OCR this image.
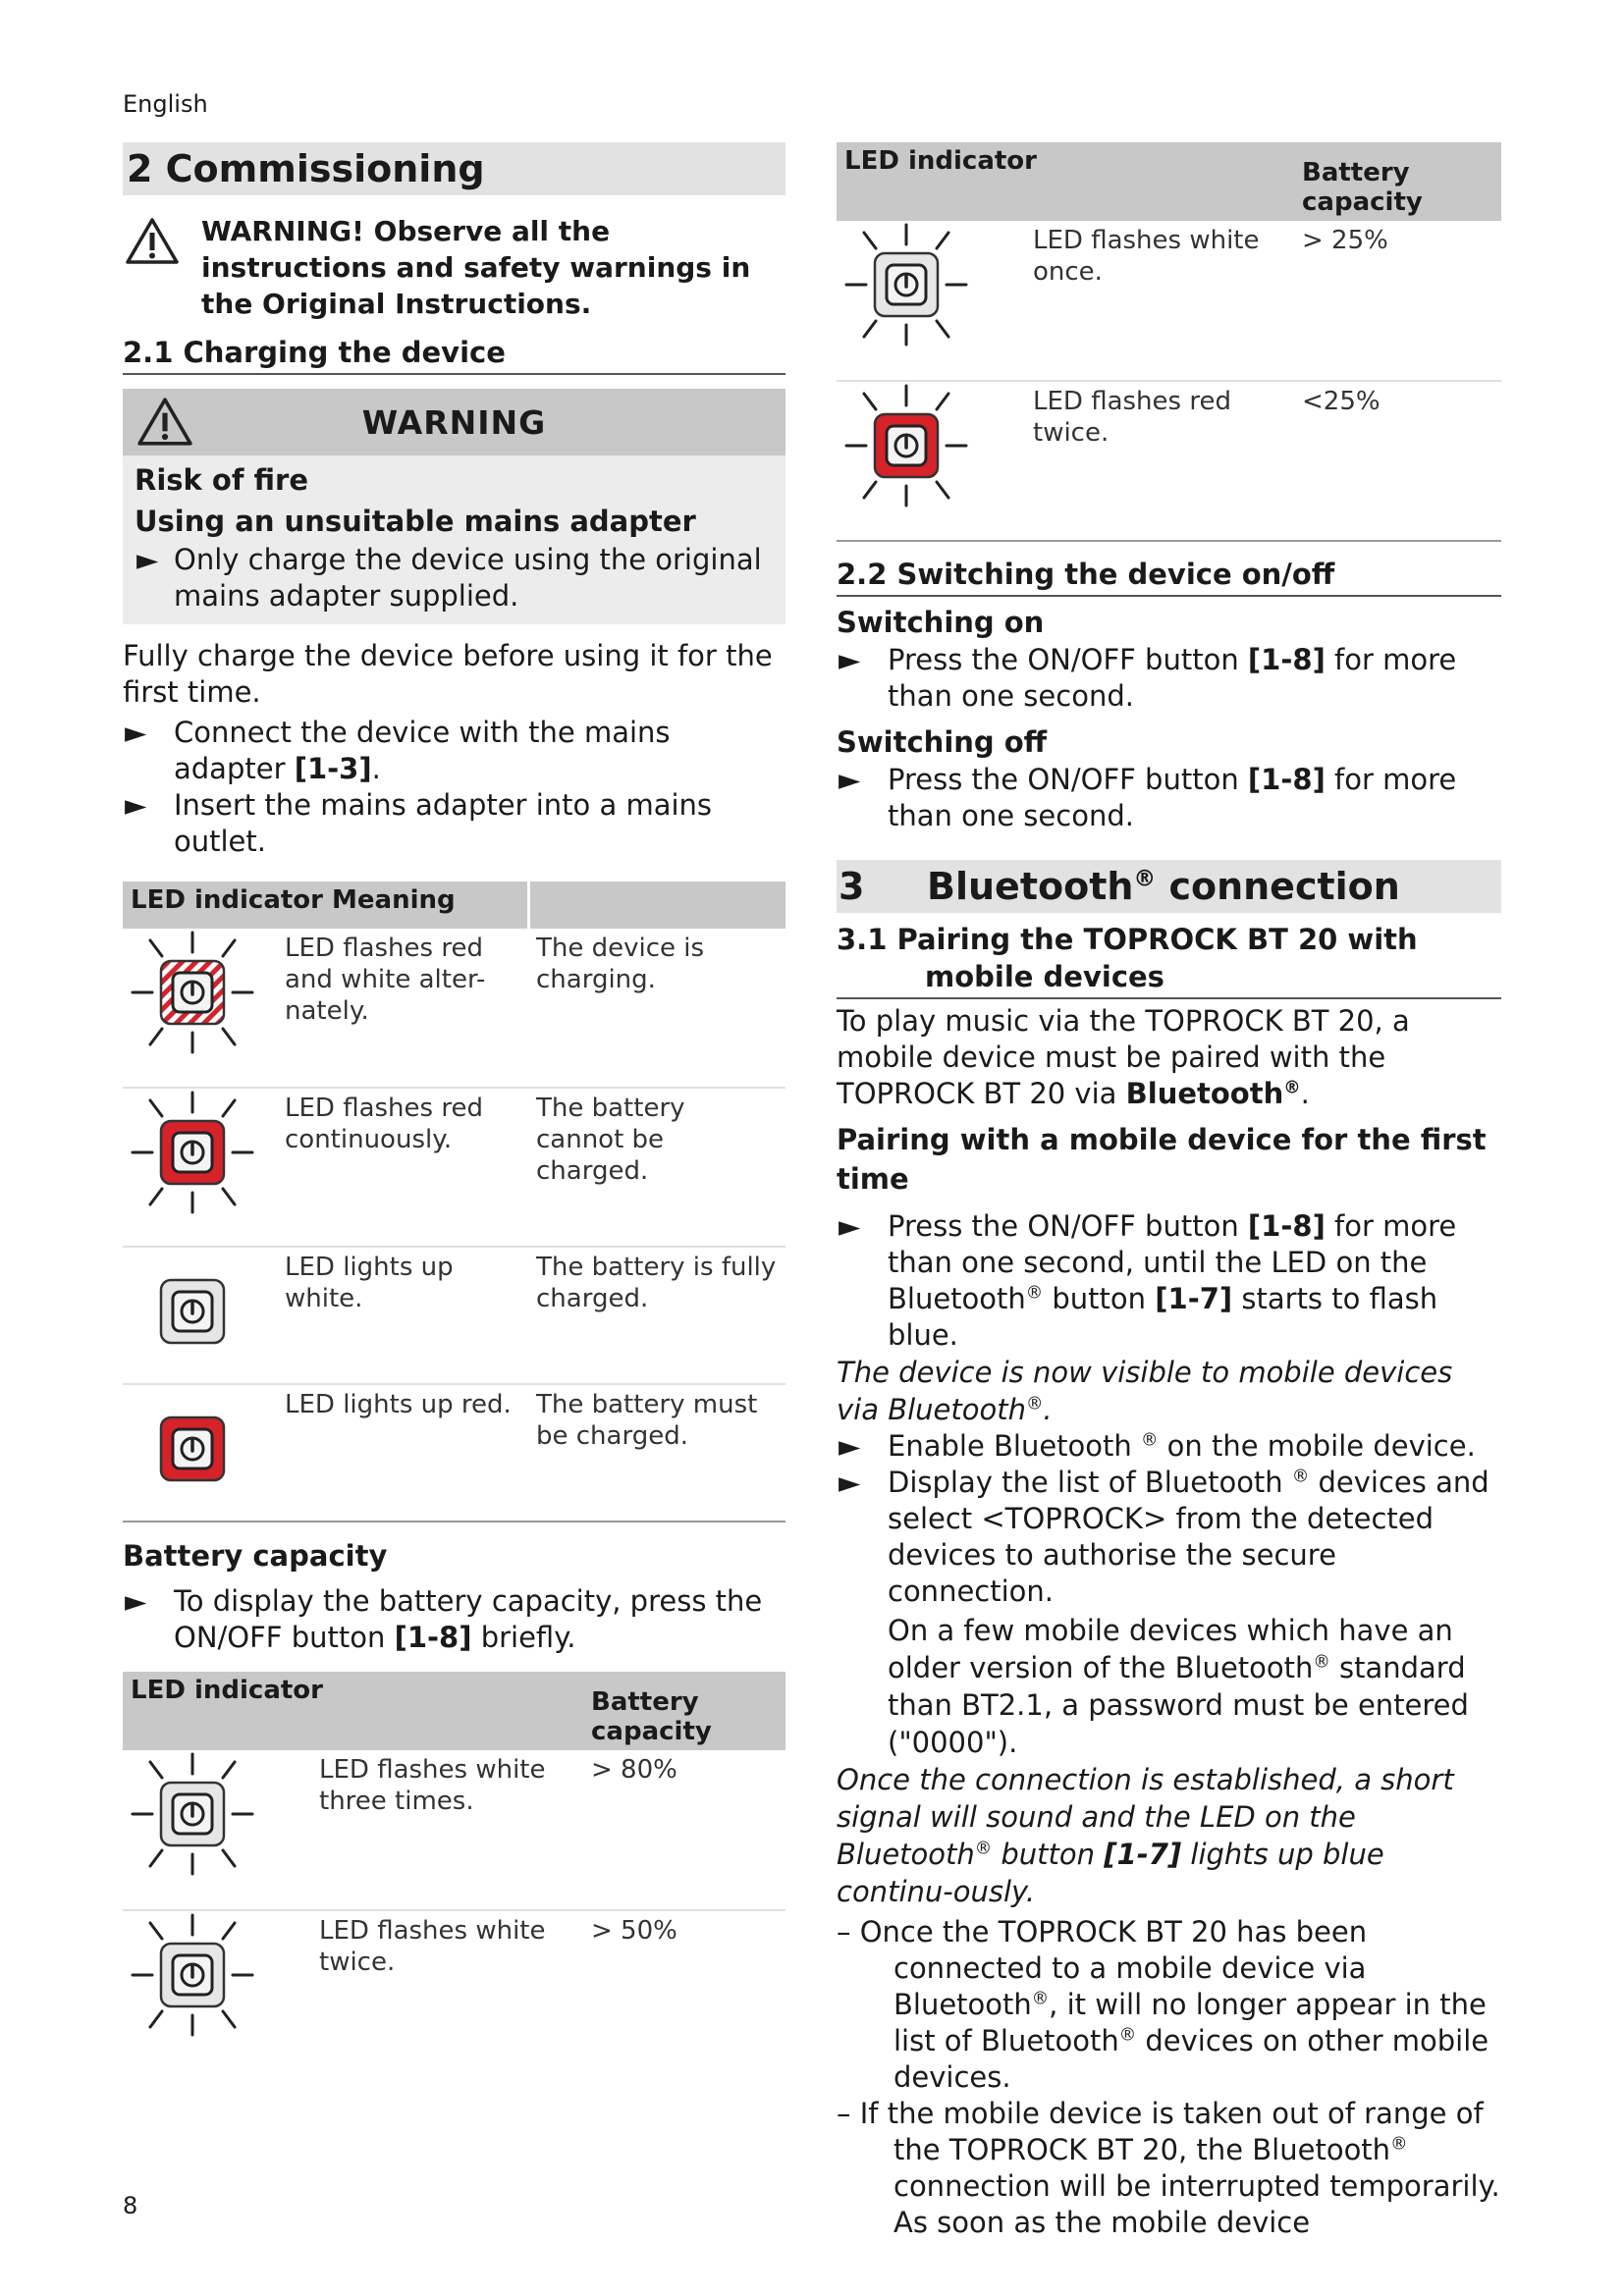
English
2 Commissioning
WARNING! Observe all the instructions and safety warnings in the Original Instructions.
2.1 Charging the device
WARNING
Risk of fire
Using an unsuitable mains adapter
► Only charge the device using the original mains adapter supplied.

Fully charge the device before using it for the first time.

► Connect the device with the mains adapter [1-3].
► Insert the mains adapter into a mains outlet.
LED indicator Meaning		

	LED flashes red and white alter-nately.	The device is charging.

	LED flashes red continuously.	The battery cannot be charged.

	LED lights up white.	The battery is fully charged.

	LED lights up red.	The battery must be charged.
Battery capacity
► To display the battery capacity, press the ON/OFF button [1-8] briefly.
LED indicator		Battery capacity

	LED flashes white three times.	> 80%

	LED flashes white twice.	> 50%
LED indicator		Battery capacity

	LED flashes white once.	> 25%

	LED flashes red twice.	<25%
2.2 Switching the device on/off
Switching on
► Press the ON/OFF button [1-8] for more than one second.
Switching off
► Press the ON/OFF button [1-8] for more than one second.
3	Bluetooth® connection
3.1 Pairing the TOPROCK BT 20 with mobile devices

To play music via the TOPROCK BT 20, a mobile device must be paired with the TOPROCK BT 20 via Bluetooth®.

Pairing with a mobile device for the first time
► Press the ON/OFF button [1-8] for more than one second, until the LED on the Bluetooth® button [1-7] starts to flash blue.

The device is now visible to mobile devices via Bluetooth®.

► Enable Bluetooth ® on the mobile device.
► Display the list of Bluetooth ® devices and select <TOPROCK> from the detected devices to authorise the secure connection.

On a few mobile devices which have an older version of the Bluetooth® standard than BT2.1, a password must be entered ("0000").

Once the connection is established, a short signal will sound and the LED on the Bluetooth® button [1-7] lights up blue continu-ously.

– Once the TOPROCK BT 20 has been connected to a mobile device via Bluetooth®, it will no longer appear in the list of Bluetooth® devices on other mobile devices.
– If the mobile device is taken out of range of the TOPROCK BT 20, the Bluetooth® connection will be interrupted temporarily. As soon as the mobile device
8
